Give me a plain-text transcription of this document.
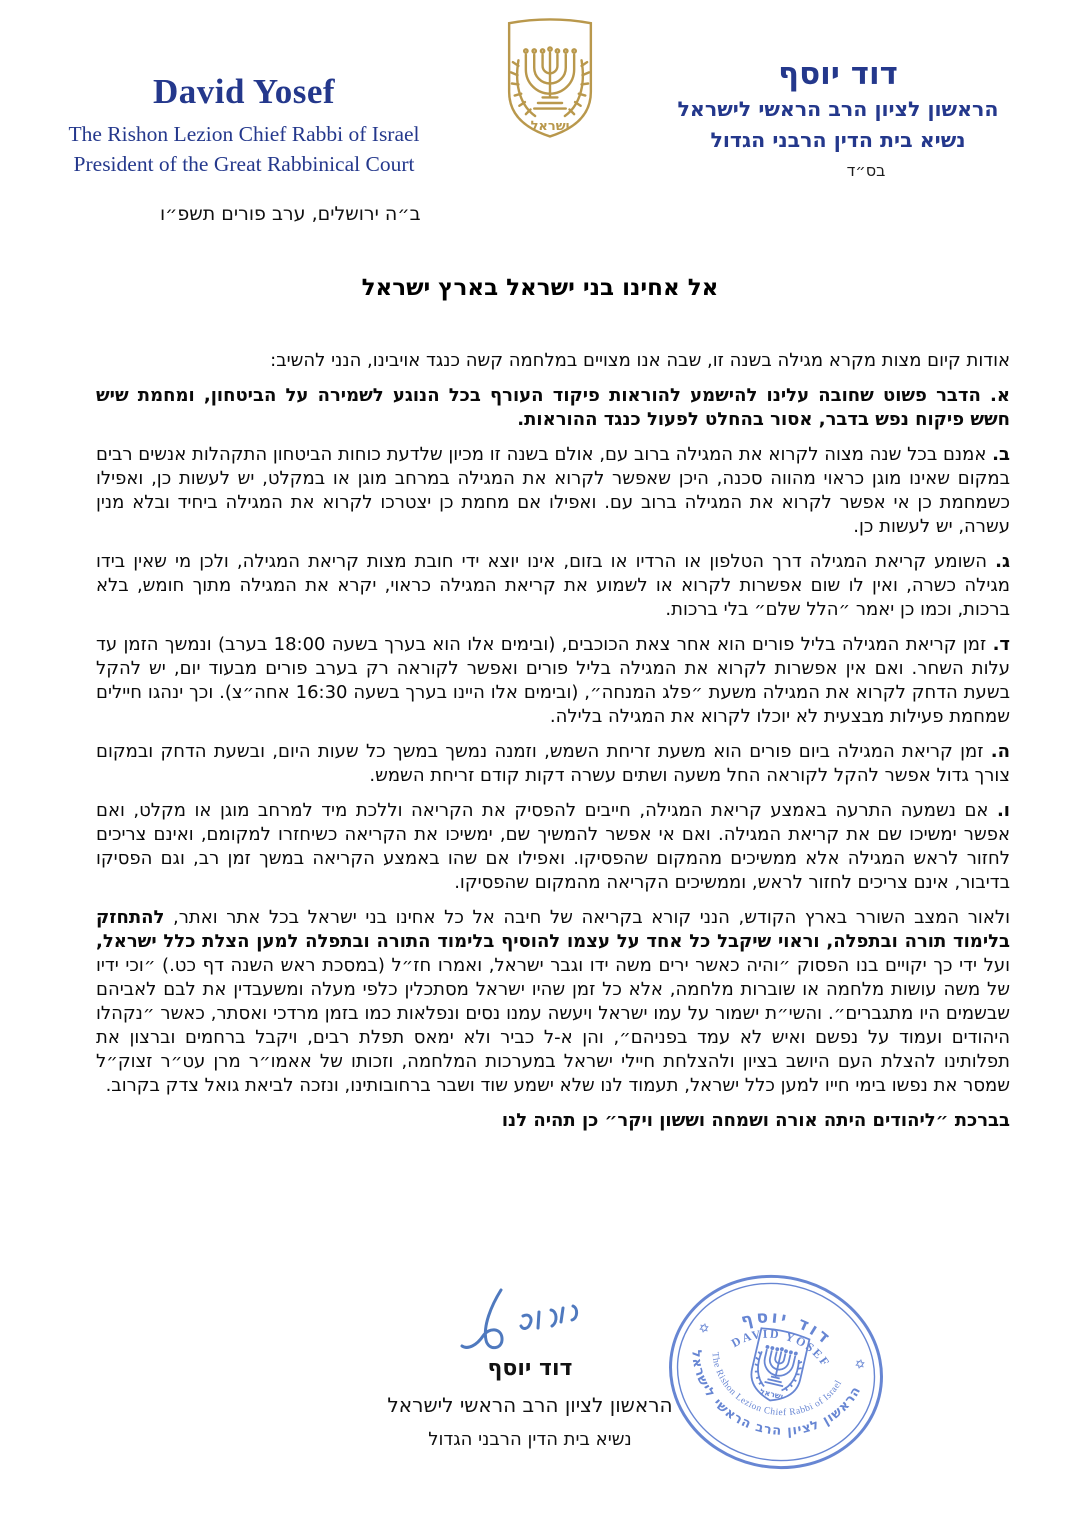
David Yosef
The Rishon Lezion Chief Rabbi of Israel
President of the Great Rabbinical Court
ישראל
דוד יוסף
הראשון לציון הרב הראשי לישראל
נשיא בית הדין הרבני הגדול
בס״ד
ב״ה ירושלים, ערב פורים תשפ״ו
אל אחינו בני ישראל בארץ ישראל

אודות קיום מצות מקרא מגילה בשנה זו, שבה אנו מצויים במלחמה קשה כנגד אויבינו, הנני להשיב:

א. הדבר פשוט שחובה עלינו להישמע להוראות פיקוד העורף בכל הנוגע לשמירה על הביטחון, ומחמת שיש חשש פיקוח נפש בדבר, אסור בהחלט לפעול כנגד ההוראות.

ב. אמנם בכל שנה מצוה לקרוא את המגילה ברוב עם, אולם בשנה זו מכיון שלדעת כוחות הביטחון התקהלות אנשים רבים במקום שאינו מוגן כראוי מהווה סכנה, היכן שאפשר לקרוא את המגילה במרחב מוגן או במקלט, יש לעשות כן, ואפילו כשמחמת כן אי אפשר לקרוא את המגילה ברוב עם. ואפילו אם מחמת כן יצטרכו לקרוא את המגילה ביחיד ובלא מנין עשרה, יש לעשות כן.

ג. השומע קריאת המגילה דרך הטלפון או הרדיו או בזום, אינו יוצא ידי חובת מצות קריאת המגילה, ולכן מי שאין בידו מגילה כשרה, ואין לו שום אפשרות לקרוא או לשמוע את קריאת המגילה כראוי, יקרא את המגילה מתוך חומש, בלא ברכות, וכמו כן יאמר ״הלל שלם״ בלי ברכות.

ד. זמן קריאת המגילה בליל פורים הוא אחר צאת הכוכבים, (ובימים אלו הוא בערך בשעה 18:00 בערב) ונמשך הזמן עד עלות השחר. ואם אין אפשרות לקרוא את המגילה בליל פורים ואפשר לקוראה רק בערב פורים מבעוד יום, יש להקל בשעת הדחק לקרוא את המגילה משעת ״פלג המנחה״, (ובימים אלו היינו בערך בשעה 16:30 אחה״צ). וכך ינהגו חיילים שמחמת פעילות מבצעית לא יוכלו לקרוא את המגילה בלילה.

ה. זמן קריאת המגילה ביום פורים הוא משעת זריחת השמש, וזמנה נמשך במשך כל שעות היום, ובשעת הדחק ובמקום צורך גדול אפשר להקל לקוראה החל משעה ושתים עשרה דקות קודם זריחת השמש.

ו. אם נשמעה התרעה באמצע קריאת המגילה, חייבים להפסיק את הקריאה וללכת מיד למרחב מוגן או מקלט, ואם אפשר ימשיכו שם את קריאת המגילה. ואם אי אפשר להמשיך שם, ימשיכו את הקריאה כשיחזרו למקומם, ואינם צריכים לחזור לראש המגילה אלא ממשיכים מהמקום שהפסיקו. ואפילו אם שהו באמצע הקריאה במשך זמן רב, וגם הפסיקו בדיבור, אינם צריכים לחזור לראש, וממשיכים הקריאה מהמקום שהפסיקו.

ולאור המצב השורר בארץ הקודש, הנני קורא בקריאה של חיבה אל כל אחינו בני ישראל בכל אתר ואתר, להתחזק בלימוד תורה ובתפלה, וראוי שיקבל כל אחד על עצמו להוסיף בלימוד התורה ובתפלה למען הצלת כלל ישראל, ועל ידי כך יקויים בנו הפסוק ״והיה כאשר ירים משה ידו וגבר ישראל, ואמרו חז״ל (במסכת ראש השנה דף כט.) ״וכי ידיו של משה עושות מלחמה או שוברות מלחמה, אלא כל זמן שהיו ישראל מסתכלין כלפי מעלה ומשעבדין את לבם לאביהם שבשמים היו מתגברים״. והשי״ת ישמור על עמו ישראל ויעשה עמנו נסים ונפלאות כמו בזמן מרדכי ואסתר, כאשר ״נקהלו היהודים ועמוד על נפשם ואיש לא עמד בפניהם״, והן א-ל כביר ולא ימאס תפלת רבים, ויקבל ברחמים וברצון את תפלותינו להצלת העם היושב בציון ולהצלחת חיילי ישראל במערכות המלחמה, וזכותו של אאמו״ר מרן עט״ר זצוק״ל שמסר את נפשו בימי חייו למען כלל ישראל, תעמוד לנו שלא ישמע שוד ושבר ברחובותינו, ונזכה לביאת גואל צדק בקרוב.

בברכת ״ליהודים היתה אורה ושמחה וששון ויקר״ כן תהיה לנו

דוד יוסף
הראשון לציון הרב הראשי לישראל
נשיא בית הדין הרבני הגדול
דוד יוסף
DAVID YOSEF
הראשון לציון הרב הראשי לישראל
The Rishon Lezion Chief Rabbi of Israel
✡
✡
